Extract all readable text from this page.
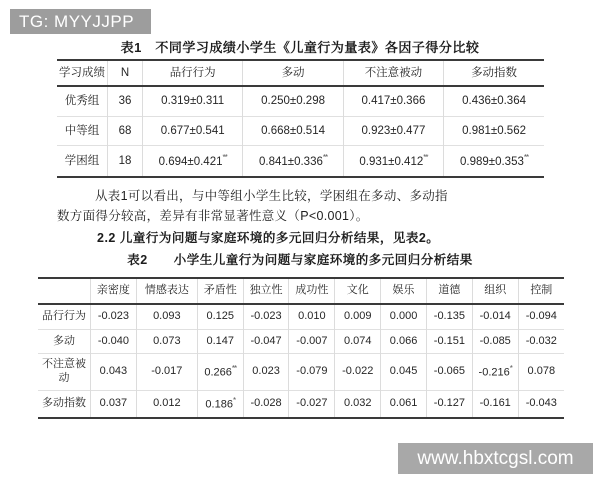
TG: MYYJJPP
表1　不同学习成绩小学生《儿童行为量表》各因子得分比较
学习成绩	N	品行行为	多动	不注意被动	多动指数
优秀组	36	0.319±0.311	0.250±0.298	0.417±0.366	0.436±0.364
中等组	68	0.677±0.541	0.668±0.514	0.923±0.477	0.981±0.562
学困组	18	0.694±0.421**	0.841±0.336**	0.931±0.412**	0.989±0.353**
从表1可以看出，与中等组小学生比较，学困组在多动、多动指
数方面得分较高，差异有非常显著性意义（P<0.001）。
2.2 儿童行为问题与家庭环境的多元回归分析结果，见表2。
表2　　小学生儿童行为问题与家庭环境的多元回归分析结果
	亲密度	情感表达	矛盾性	独立性	成功性	文化	娱乐	道德	组织	控制
品行行为	-0.023	0.093	0.125	-0.023	0.010	0.009	0.000	-0.135	-0.014	-0.094
多动	-0.040	0.073	0.147	-0.047	-0.007	0.074	0.066	-0.151	-0.085	-0.032
不注意被动	0.043	-0.017	0.266**	0.023	-0.079	-0.022	0.045	-0.065	-0.216*	0.078
多动指数	0.037	0.012	0.186*	-0.028	-0.027	0.032	0.061	-0.127	-0.161	-0.043
www.hbxtcgsl.com
